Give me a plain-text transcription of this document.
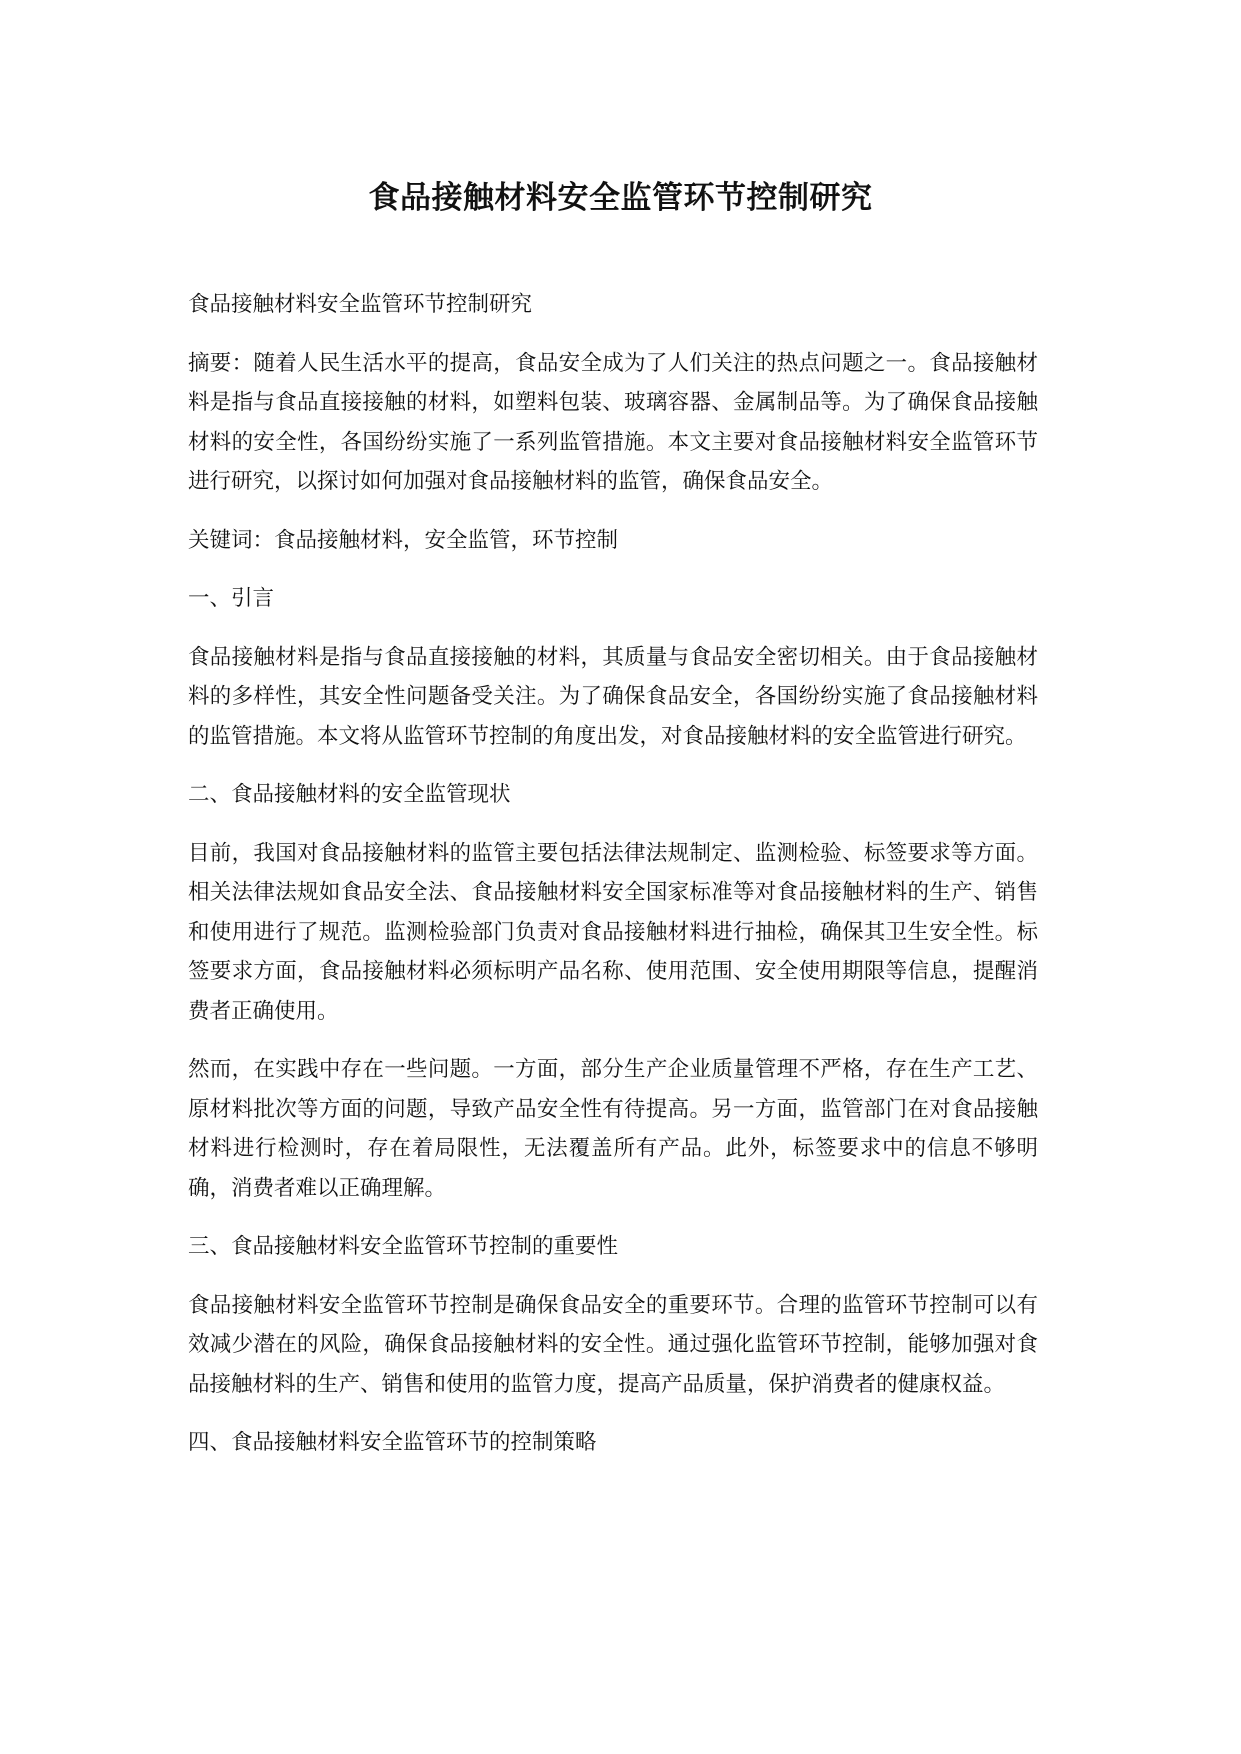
食品接触材料安全监管环节控制研究

食品接触材料安全监管环节控制研究

摘要：随着人民生活水平的提高，食品安全成为了人们关注的热点问题之一。食品接触材料是指与食品直接接触的材料，如塑料包装、玻璃容器、金属制品等。为了确保食品接触材料的安全性，各国纷纷实施了一系列监管措施。本文主要对食品接触材料安全监管环节进行研究，以探讨如何加强对食品接触材料的监管，确保食品安全。

关键词：食品接触材料，安全监管，环节控制

一、引言

食品接触材料是指与食品直接接触的材料，其质量与食品安全密切相关。由于食品接触材料的多样性，其安全性问题备受关注。为了确保食品安全，各国纷纷实施了食品接触材料的监管措施。本文将从监管环节控制的角度出发，对食品接触材料的安全监管进行研究。

二、食品接触材料的安全监管现状

目前，我国对食品接触材料的监管主要包括法律法规制定、监测检验、标签要求等方面。相关法律法规如食品安全法、食品接触材料安全国家标准等对食品接触材料的生产、销售和使用进行了规范。监测检验部门负责对食品接触材料进行抽检，确保其卫生安全性。标签要求方面，食品接触材料必须标明产品名称、使用范围、安全使用期限等信息，提醒消费者正确使用。

然而，在实践中存在一些问题。一方面，部分生产企业质量管理不严格，存在生产工艺、原材料批次等方面的问题，导致产品安全性有待提高。另一方面，监管部门在对食品接触材料进行检测时，存在着局限性，无法覆盖所有产品。此外，标签要求中的信息不够明确，消费者难以正确理解。

三、食品接触材料安全监管环节控制的重要性

食品接触材料安全监管环节控制是确保食品安全的重要环节。合理的监管环节控制可以有效减少潜在的风险，确保食品接触材料的安全性。通过强化监管环节控制，能够加强对食品接触材料的生产、销售和使用的监管力度，提高产品质量，保护消费者的健康权益。

四、食品接触材料安全监管环节的控制策略
